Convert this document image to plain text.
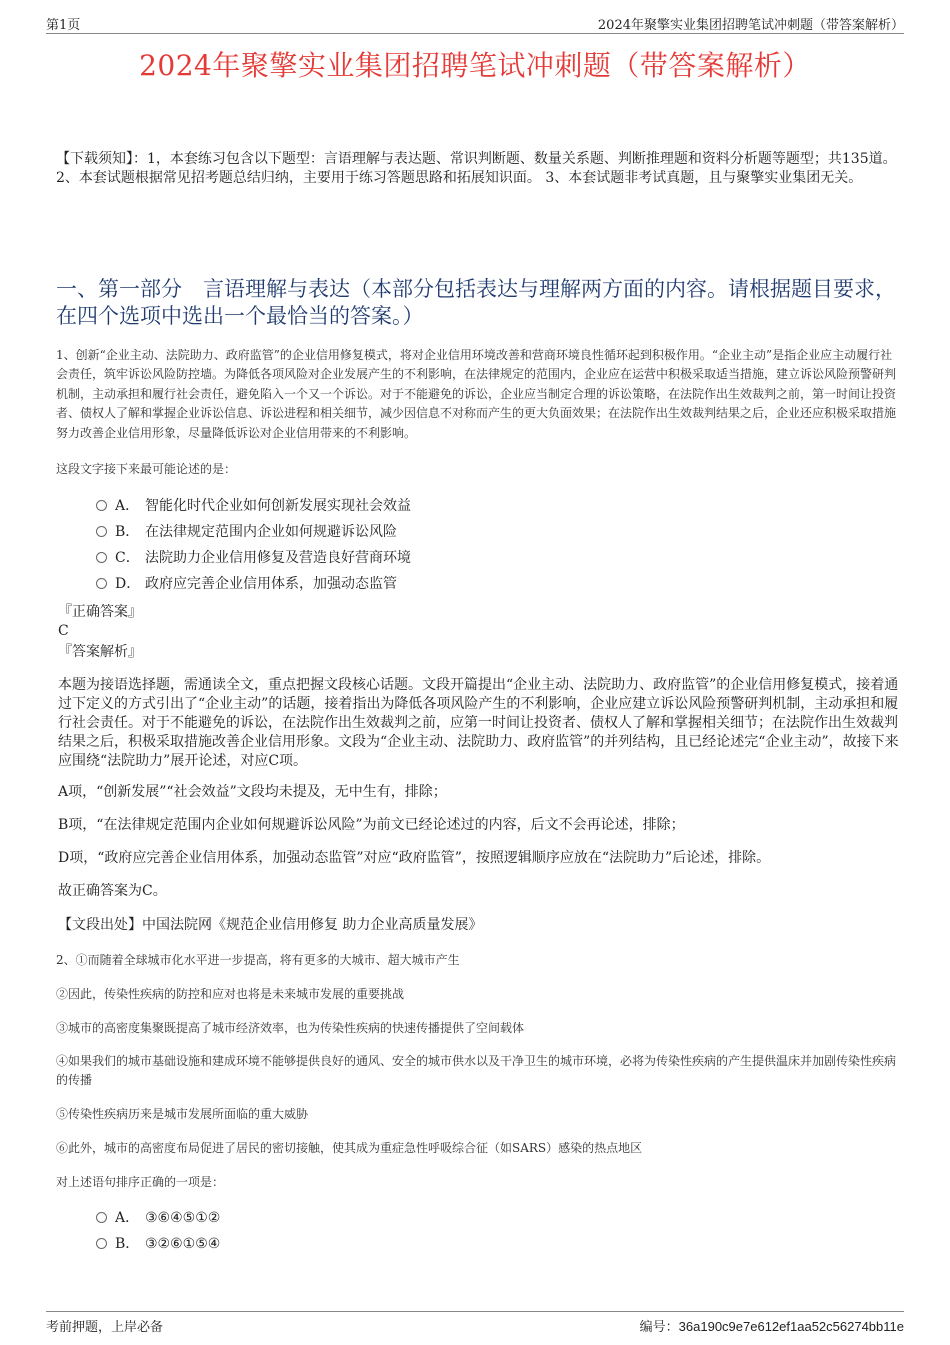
第1页	2024年聚擎实业集团招聘笔试冲刺题（带答案解析）
2024年聚擎实业集团招聘笔试冲刺题（带答案解析）
【下载须知】：1，本套练习包含以下题型：言语理解与表达题、常识判断题、数量关系题、判断推理题和资料分析题等题型；共135道。 2、本套试题根据常见招考题总结归纳，主要用于练习答题思路和拓展知识面。 3、本套试题非考试真题，且与聚擎实业集团无关。
一、第一部分　言语理解与表达（本部分包括表达与理解两方面的内容。请根据题目要求，在四个选项中选出一个最恰当的答案。）
1、创新“企业主动、法院助力、政府监管”的企业信用修复模式，将对企业信用环境改善和营商环境良性循环起到积极作用。“企业主动”是指企业应主动履行社会责任，筑牢诉讼风险防控墙。为降低各项风险对企业发展产生的不利影响，在法律规定的范围内，企业应在运营中积极采取适当措施，建立诉讼风险预警研判机制，主动承担和履行社会责任，避免陷入一个又一个诉讼。对于不能避免的诉讼，企业应当制定合理的诉讼策略，在法院作出生效裁判之前，第一时间让投资者、债权人了解和掌握企业诉讼信息、诉讼进程和相关细节，减少因信息不对称而产生的更大负面效果；在法院作出生效裁判结果之后，企业还应积极采取措施努力改善企业信用形象，尽量降低诉讼对企业信用带来的不利影响。
这段文字接下来最可能论述的是：
A． 智能化时代企业如何创新发展实现社会效益
B． 在法律规定范围内企业如何规避诉讼风险
C． 法院助力企业信用修复及营造良好营商环境
D． 政府应完善企业信用体系，加强动态监管
『正确答案』
C
『答案解析』
本题为接语选择题，需通读全文，重点把握文段核心话题。文段开篇提出“企业主动、法院助力、政府监管”的企业信用修复模式，接着通过下定义的方式引出了“企业主动”的话题，接着指出为降低各项风险产生的不利影响，企业应建立诉讼风险预警研判机制，主动承担和履行社会责任。对于不能避免的诉讼，在法院作出生效裁判之前，应第一时间让投资者、债权人了解和掌握相关细节；在法院作出生效裁判结果之后，积极采取措施改善企业信用形象。文段为“企业主动、法院助力、政府监管”的并列结构，且已经论述完“企业主动”，故接下来应围绕“法院助力”展开论述，对应C项。
A项，“创新发展”“社会效益”文段均未提及，无中生有，排除；
B项，“在法律规定范围内企业如何规避诉讼风险”为前文已经论述过的内容，后文不会再论述，排除；
D项，“政府应完善企业信用体系，加强动态监管”对应“政府监管”，按照逻辑顺序应放在“法院助力”后论述，排除。
故正确答案为C。
【文段出处】中国法院网《规范企业信用修复 助力企业高质量发展》
2、①而随着全球城市化水平进一步提高，将有更多的大城市、超大城市产生
②因此，传染性疾病的防控和应对也将是未来城市发展的重要挑战
③城市的高密度集聚既提高了城市经济效率，也为传染性疾病的快速传播提供了空间载体
④如果我们的城市基础设施和建成环境不能够提供良好的通风、安全的城市供水以及干净卫生的城市环境，必将为传染性疾病的产生提供温床并加剧传染性疾病的传播
⑤传染性疾病历来是城市发展所面临的重大威胁
⑥此外，城市的高密度布局促进了居民的密切接触，使其成为重症急性呼吸综合征（如SARS）感染的热点地区
对上述语句排序正确的一项是：
A． ③⑥④⑤①②
B． ③②⑥①⑤④
考前押题，上岸必备	编号：36a190c9e7e612ef1aa52c56274bb11e
